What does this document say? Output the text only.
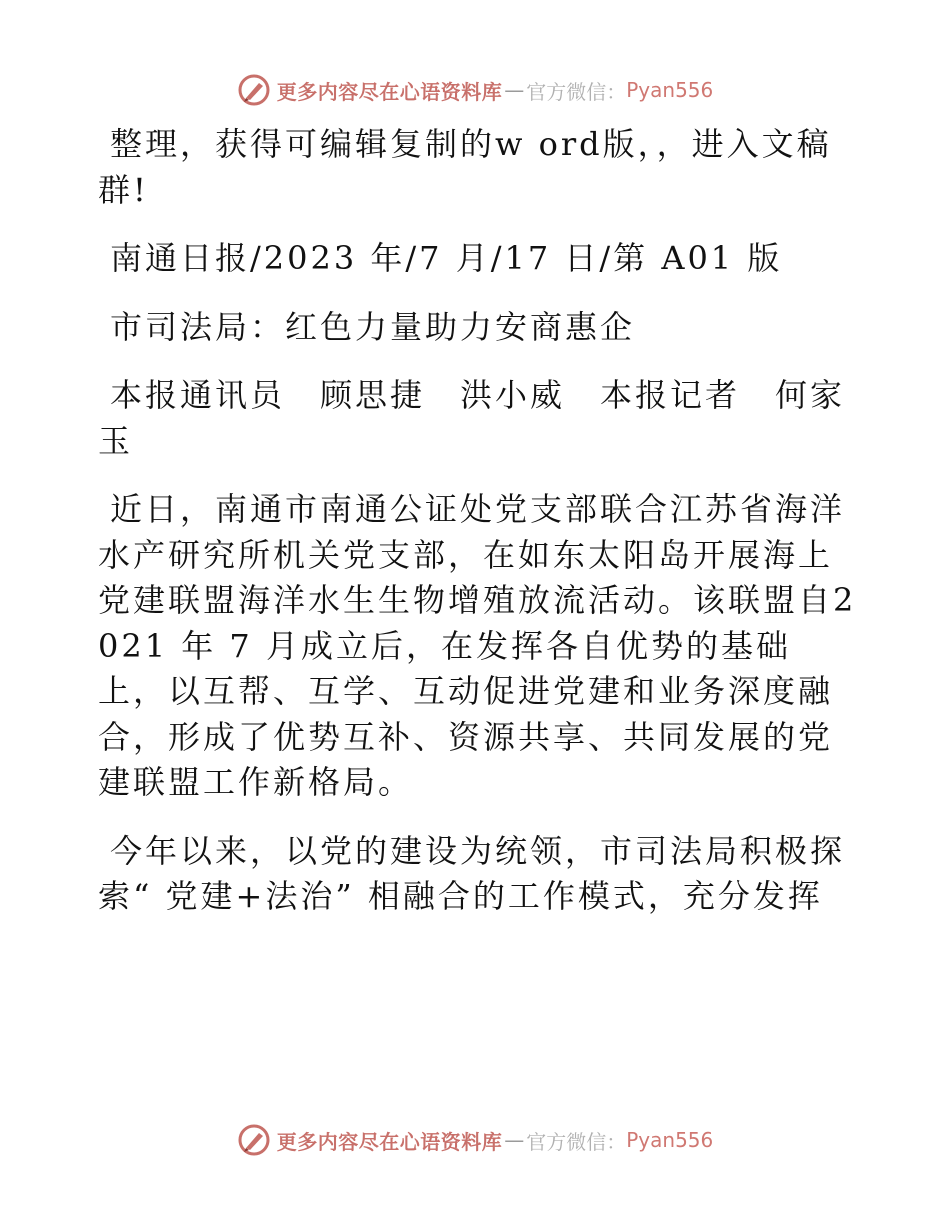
更多内容尽在心语资料库 — 官方微信： Pyan556

整理，获得可编辑复制的w ord版，，进入文稿群!

南通日报/2023 年/7 月/17 日/第 A01 版

市司法局：红色力量助力安商惠企

本报通讯员　顾思捷　洪小威　本报记者　何家玉

近日，南通市南通公证处党支部联合江苏省海洋水产研究所机关党支部，在如东太阳岛开展海上党建联盟海洋水生生物增殖放流活动。该联盟自2021 年 7 月成立后，在发挥各自优势的基础上，以互帮、互学、互动促进党建和业务深度融合，形成了优势互补、资源共享、共同发展的党建联盟工作新格局。

今年以来，以党的建设为统领，市司法局积极探索“ 党建+法治” 相融合的工作模式，充分发挥

更多内容尽在心语资料库 — 官方微信： Pyan556
